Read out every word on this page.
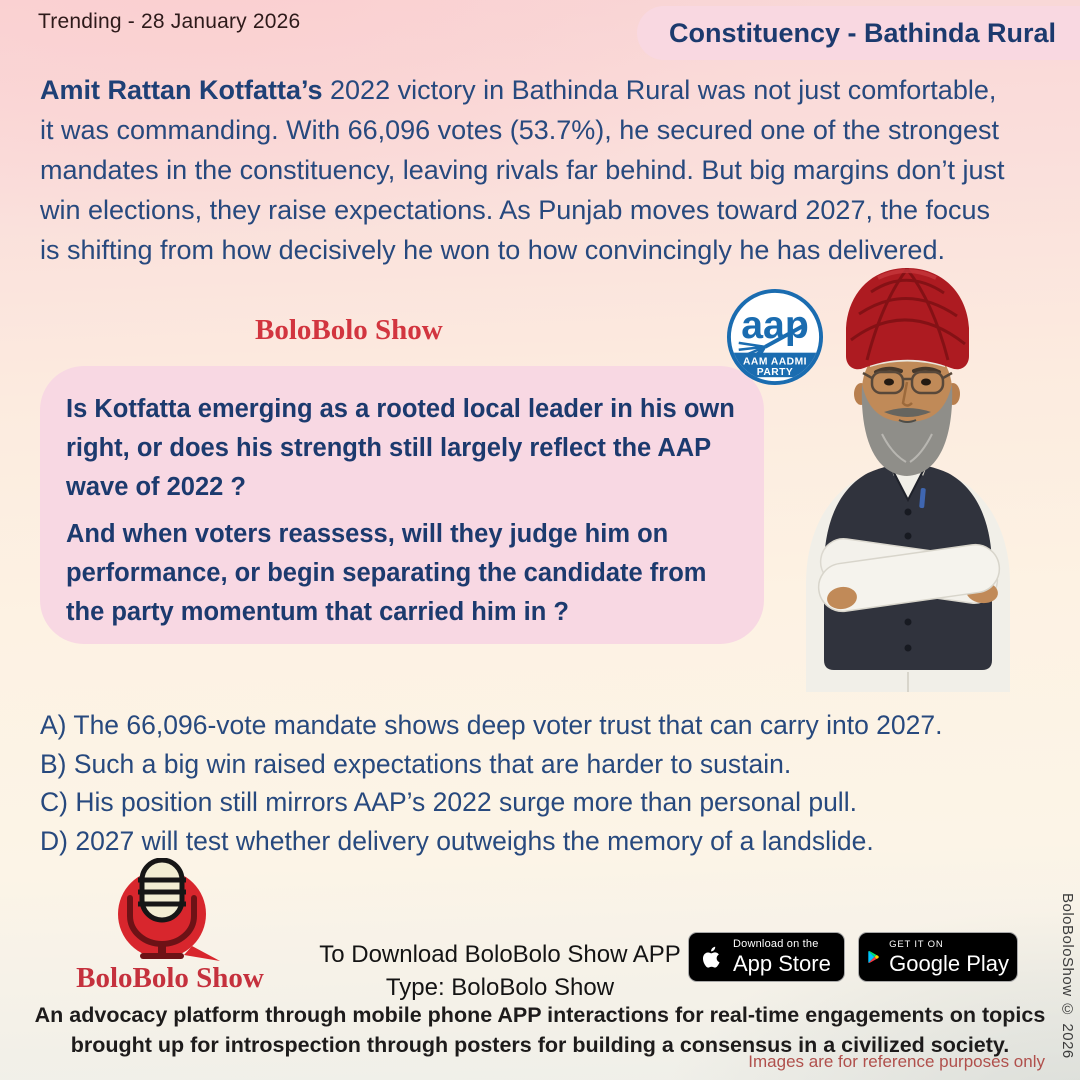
Trending - 28 January 2026	Constituency - Bathinda Rural

Amit Rattan Kotfatta’s 2022 victory in Bathinda Rural was not just comfortable, it was commanding. With 66,096 votes (53.7%), he secured one of the strongest mandates in the constituency, leaving rivals far behind. But big margins don’t just win elections, they raise expectations. As Punjab moves toward 2027, the focus is shifting from how decisively he won to how convincingly he has delivered.

BoloBolo Show

Is Kotfatta emerging as a rooted local leader in his own right, or does his strength still largely reflect the AAP wave of 2022 ?

And when voters reassess, will they judge him on performance, or begin separating the candidate from the party momentum that carried him in ?

aap
AAM AADMI
PARTY
A) The 66,096-vote mandate shows deep voter trust that can carry into 2027.
B) Such a big win raised expectations that are harder to sustain.
C) His position still mirrors AAP’s 2022 surge more than personal pull.
D) 2027 will test whether delivery outweighs the memory of a landslide.
BoloBolo Show
To Download BoloBolo Show APP
Type: BoloBolo Show
Download on the
App Store
GET IT ON
Google Play
An advocacy platform through mobile phone APP interactions for real-time engagements on topics
brought up for introspection through posters for building a consensus in a civilized society.	BoloBoloShow © 2026
Images are for reference purposes only
